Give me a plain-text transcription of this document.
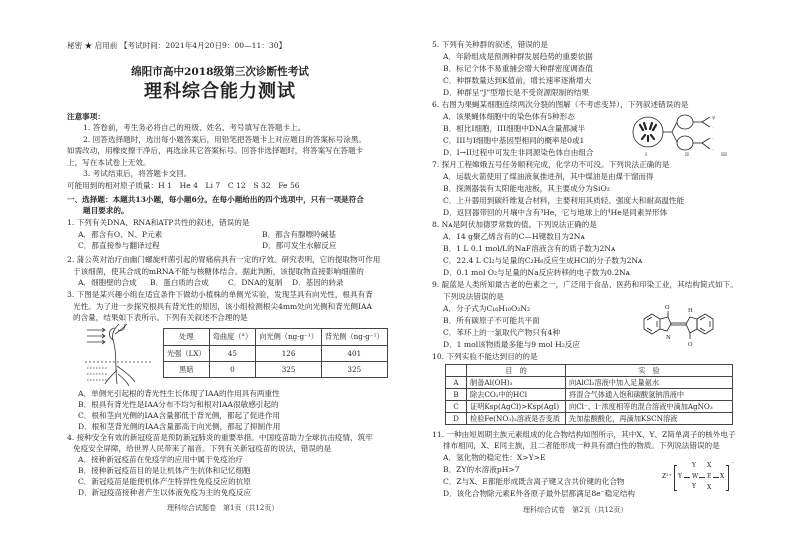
秘密 ★ 启用前 【考试时间：2021年4月20日9：00—11：30】
绵阳市高中2018级第三次诊断性考试
理科综合能力测试
注意事项：
1. 答卷前，考生务必将自己的班级、姓名、考号填写在答题卡上。
2. 回答选择题时，选出每小题答案后，用铅笔把答题卡上对应题目的答案标号涂黑。
如需改动，用橡皮擦干净后，再选涂其它答案标号。回答非选择题时，将答案写在答题卡
上，写在本试卷上无效。
3. 考试结束后，将答题卡交回。
可能用到的相对原子质量：H 1　He 4　Li 7　C 12　S 32　Fe 56
一、选择题：本题共13小题，每小题6分。在每小题给出的四个选项中，只有一项是符合
题目要求的。
1. 下列有关DNA、RNA和ATP共性的叙述，错误的是
A．都含有O、N、P元素	B．都含有腺嘌呤碱基
C．都直接参与翻译过程	D．都可发生水解反应
2. 蒲公英对治疗由幽门螺旋杆菌引起的胃痛病具有一定的疗效。研究表明，它的提取物可作用
于该细菌，使其合成的mRNA不能与核糖体结合。据此判断，该提取物直接影响细菌的
A．细胞壁的合成 B．蛋白质的合成	C．DNA的复制 D．基因的转录
3. 下图是某兴趣小组在适宜条件下做幼小植株的单侧光实验，发现茎具有向光性，根具有背
光性。为了进一步探究根具有背光性的原因，该小组检测根尖4mm处向光侧和背光侧IAA
的含量，结果如下表所示。下列有关叙述不合理的是
处理	弯曲度（°）	向光侧（ng·g⁻¹）	背光侧（ng·g⁻¹）
光强（LX）	45	126	401
黑暗	0	325	325
A．单侧光引起根的背光性生长体现了IAA的作用具有两重性
B．根具有背光性是IAA分布不均匀和根对IAA很敏感引起的
C．根和茎向光侧的IAA含量都低于背光侧，都起了促进作用
D．根和茎背光侧的IAA含量都高于向光侧，都起了抑制作用
4. 接种安全有效的新冠疫苗是预防新冠肺炎的重要举措。中国疫苗助力全球抗击疫情，筑牢
免疫安全屏障，给世界人民带来了福音。下列有关新冠疫苗的说法，错误的是
A．接种新冠疫苗在免疫学的应用中属于免疫治疗
B．接种新冠疫苗目的是让机体产生抗体和记忆细胞
C．新冠疫苗是能使机体产生特异性免疫反应的抗原
D．新冠疫苗接种者产生以体液免疫为主的免疫反应
理科综合试题卷　第1页（共12页）
5. 下列有关种群的叙述，错误的是
A．年龄组成是预测种群发展趋势的重要依据
B．标记个体不易重捕会增大种群密度调查值
C．种群数量达到K值前，增长速率逐渐增大
D．种群呈“J”型增长是不受资源限制的结果
6. 右图为果蝇某细胞连续两次分裂的图解（不考虑变异），下列叙述错误的是
A．该果蝇体细胞中的染色体有5种形态
B．相比I细胞，III细胞中DNA含量都减半
C．III与I细胞中基因型相同的概率是0或1
D．I→II过程中可发生非同源染色体自由组合
♀
◦
◦
◦
I	II	III
7. 探月工程嫦娥五号任务顺利完成，化学功不可没。下列说法正确的是
A．运载火箭使用了煤油液氧推进剂，其中煤油是由煤干馏而得
B．探测器装有太阳能电池板，其主要成分为SiO₂
C．上升器用到碳纤维复合材料，主要利用其质轻、强度大和耐高温性能
D．返回器带回的月壤中含有³He，它与地球上的⁴He是同素异形体
8. Nᴀ是阿伏加德罗常数的值。下列说法正确的是
A．14 g聚乙烯含有的C—H键数目为2Nᴀ
B．1 L 0.1 mol/L的NaF溶液含有的质子数为2Nᴀ
C．22.4 L Cl₂与足量的C₂H₆反应生成HCl的分子数为2Nᴀ
D．0.1 mol O₂与足量的Na反应转移的电子数为0.2Nᴀ
9. 靛蓝是人类所知最古老的色素之一，广泛用于食品、医药和印染工业，其结构简式如下。
下列说法错误的是
A．分子式为C₁₆H₁₀O₂N₂
B．所有碳原子不可能共平面
C．苯环上的一氯取代产物只有4种
D．1 mol该物质最多能与9 mol H₂反应
O	H
N
O
10. 下列实验不能达到目的的是
	目　的	实　验
A	制备Al(OH)₃	向AlCl₃溶液中加入足量氨水
B	除去CO₂中的HCl	将混合气体通入饱和碳酸氢钠溶液中
C	证明Ksp(AgCl)>Ksp(AgI)	向Cl⁻、I⁻浓度相等的混合溶液中滴加AgNO₃
D	检验Fe(NO₃)₂溶液是否变质	先加盐酸酸化，再滴加KSCN溶液
11. 一种由短周期主族元素组成的化合物结构如图所示，其中X、Y、Z简单离子的核外电子
排布相同，X、E同主族，且二者能形成一种具有漂白性的物质。下列说法错误的是
A．氢化物的稳定性：X>Y>E
B．ZY的水溶液pH>7
C．Z与X、E都能形成既含离子键又含共价键的化合物
D．该化合物除元素E外各原子最外层都满足8e⁻稳定结构
Z²⁺ Y W
Y
Y
E
X
X
X
⁻
理科综合试卷　第2页（共12页）
